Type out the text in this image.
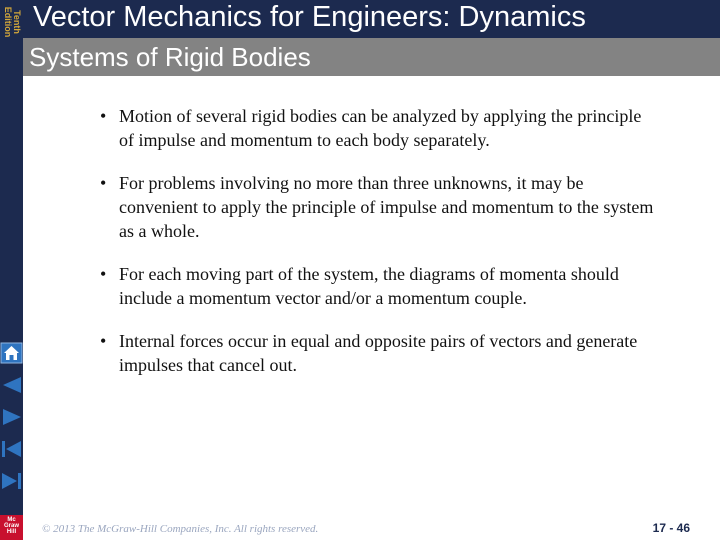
Tenth
Edition Vector Mechanics for Engineers: Dynamics
Systems of Rigid Bodies
• Motion of several rigid bodies can be analyzed by applying the principle of impulse and momentum to each body separately.
• For problems involving no more than three unknowns, it may be convenient to apply the principle of impulse and momentum to the system as a whole.
• For each moving part of the system, the diagrams of momenta should include a momentum vector and/or a momentum couple.
• Internal forces occur in equal and opposite pairs of vectors and generate impulses that cancel out.
Mc
Graw
Hill	© 2013 The McGraw-Hill Companies, Inc. All rights reserved.	17 - 46
